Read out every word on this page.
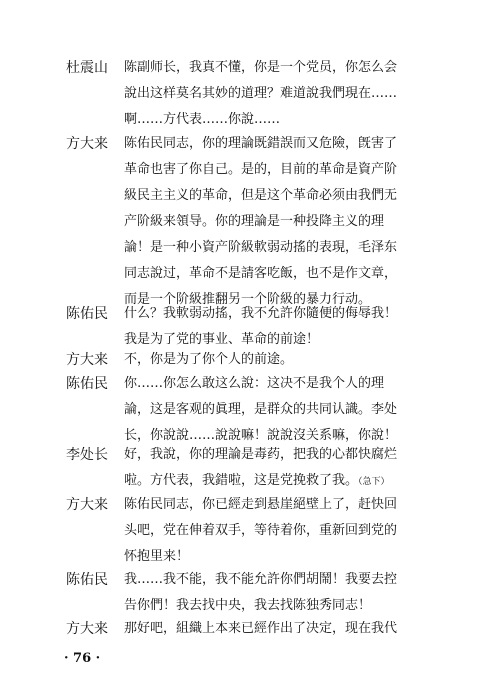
杜震山	陈副师长，我真不懂，你是一个党员，你怎么会
說出这样莫名其妙的道理？难道說我們現在……
啊……方代表……你說……
方大来	陈佑民同志，你的理論既錯誤而又危險，旣害了
革命也害了你自己。是的，目前的革命是資产阶
級民主主义的革命，但是这个革命必须由我們无
产阶級来領导。你的理論是一种投降主义的理
論！是一种小資产阶級軟弱动搖的表現，毛泽东
同志說过，革命不是請客吃飯，也不是作文章，
而是一个阶級推翻另一个阶級的暴力行动。
陈佑民	什么？我軟弱动搖，我不允許你隨便的侮辱我！
我是为了党的事业、革命的前途！
方大来	不，你是为了你个人的前途。
陈佑民	你……你怎么敢这么說：这决不是我个人的理
論，这是客观的眞理，是群众的共同认識。李处
长，你說說……說說嘛！說說沒关系嘛，你說！
李处长	好，我說，你的理論是毒药，把我的心都快腐烂
啦。方代表，我錯啦，这是党挽救了我。（急下）
方大来	陈佑民同志，你已經走到悬崖絕壁上了，赶快回
头吧，党在伸着双手，等待着你，重新回到党的
怀抱里来！
陈佑民	我……我不能，我不能允許你們胡鬧！我要去控
告你們！我去找中央，我去找陈独秀同志！
方大来	那好吧，組織上本来已經作出了决定，现在我代
· 76 ·
